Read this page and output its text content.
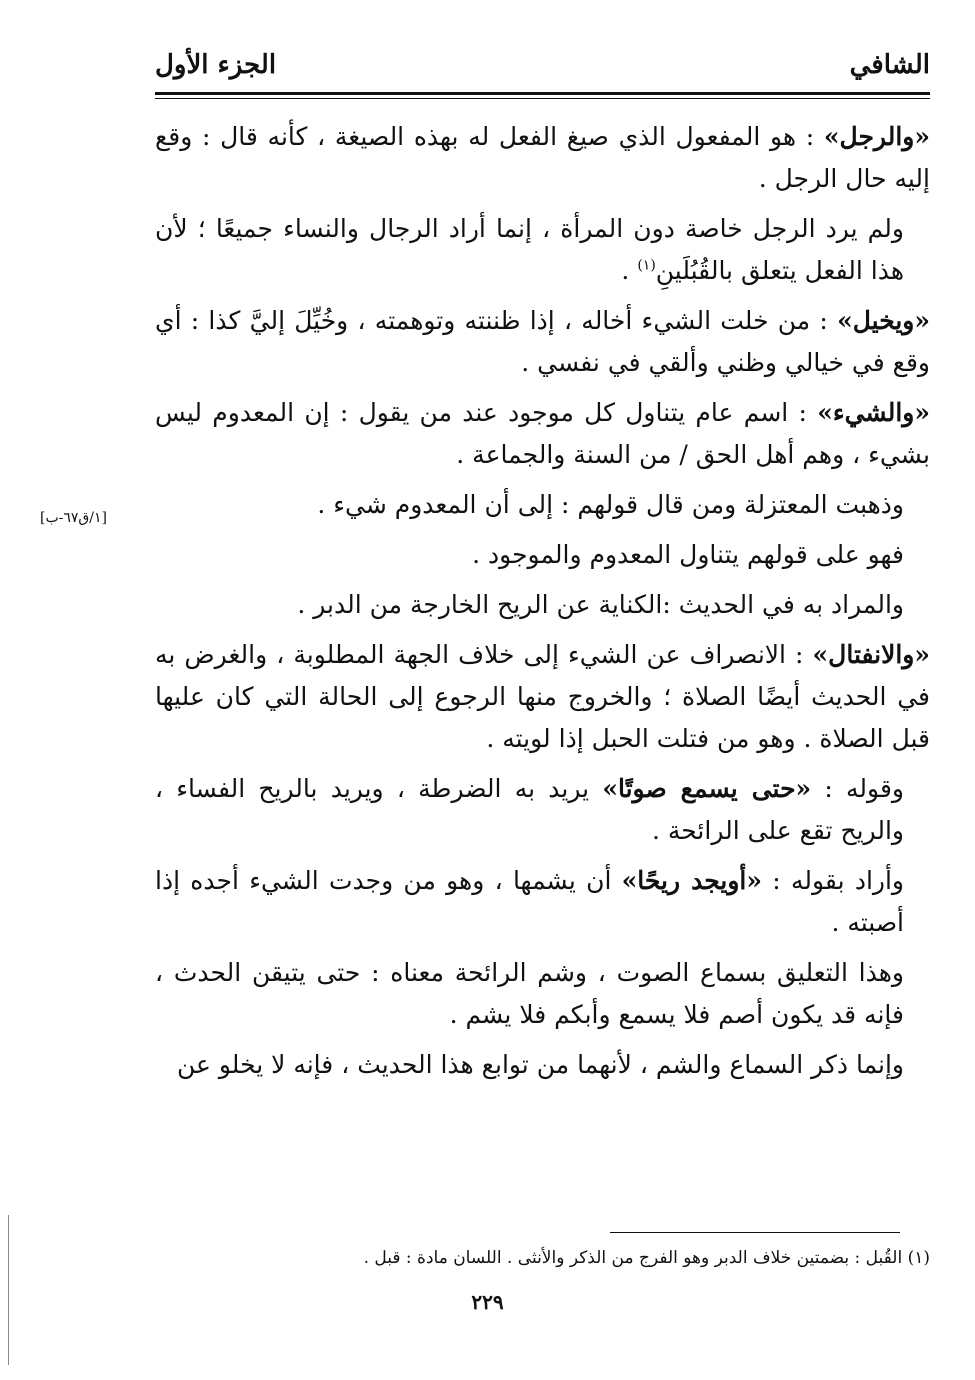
الشافي
الجزء الأول
[١/ق٦٧-ب]

«والرجل» : هو المفعول الذي صيغ الفعل له بهذه الصيغة ، كأنه قال : وقع إليه حال الرجل .

ولم يرد الرجل خاصة دون المرأة ، إنما أراد الرجال والنساء جميعًا ؛ لأن هذا الفعل يتعلق بالقُبُلَينِ$^{(١)}$ .

«ويخيل» : من خلت الشيء أخاله ، إذا ظننته وتوهمته ، وخُيِّلَ إليَّ كذا : أي وقع في خيالي وظني وألقي في نفسي .

«والشيء» : اسم عام يتناول كل موجود عند من يقول : إن المعدوم ليس بشيء ، وهم أهل الحق / من السنة والجماعة .

وذهبت المعتزلة ومن قال قولهم : إلى أن المعدوم شيء .

فهو على قولهم يتناول المعدوم والموجود .

والمراد به في الحديث :الكناية عن الريح الخارجة من الدبر .

«والانفتال» : الانصراف عن الشيء إلى خلاف الجهة المطلوبة ، والغرض به في الحديث أيضًا الصلاة ؛ والخروج منها الرجوع إلى الحالة التي كان عليها قبل الصلاة . وهو من فتلت الحبل إذا لويته .

وقوله : «حتى يسمع صوتًا» يريد به الضرطة ، ويريد بالريح الفساء ، والريح تقع على الرائحة .

وأراد بقوله : «أويجد ريحًا» أن يشمها ، وهو من وجدت الشيء أجده إذا أصبته .

وهذا التعليق بسماع الصوت ، وشم الرائحة معناه : حتى يتيقن الحدث ، فإنه قد يكون أصم فلا يسمع وأبكم فلا يشم .

وإنما ذكر السماع والشم ، لأنهما من توابع هذا الحديث ، فإنه لا يخلو عن

(١) القُبل : بضمتين خلاف الدبر وهو الفرج من الذكر والأنثى . اللسان مادة : قبل .
٢٢٩
